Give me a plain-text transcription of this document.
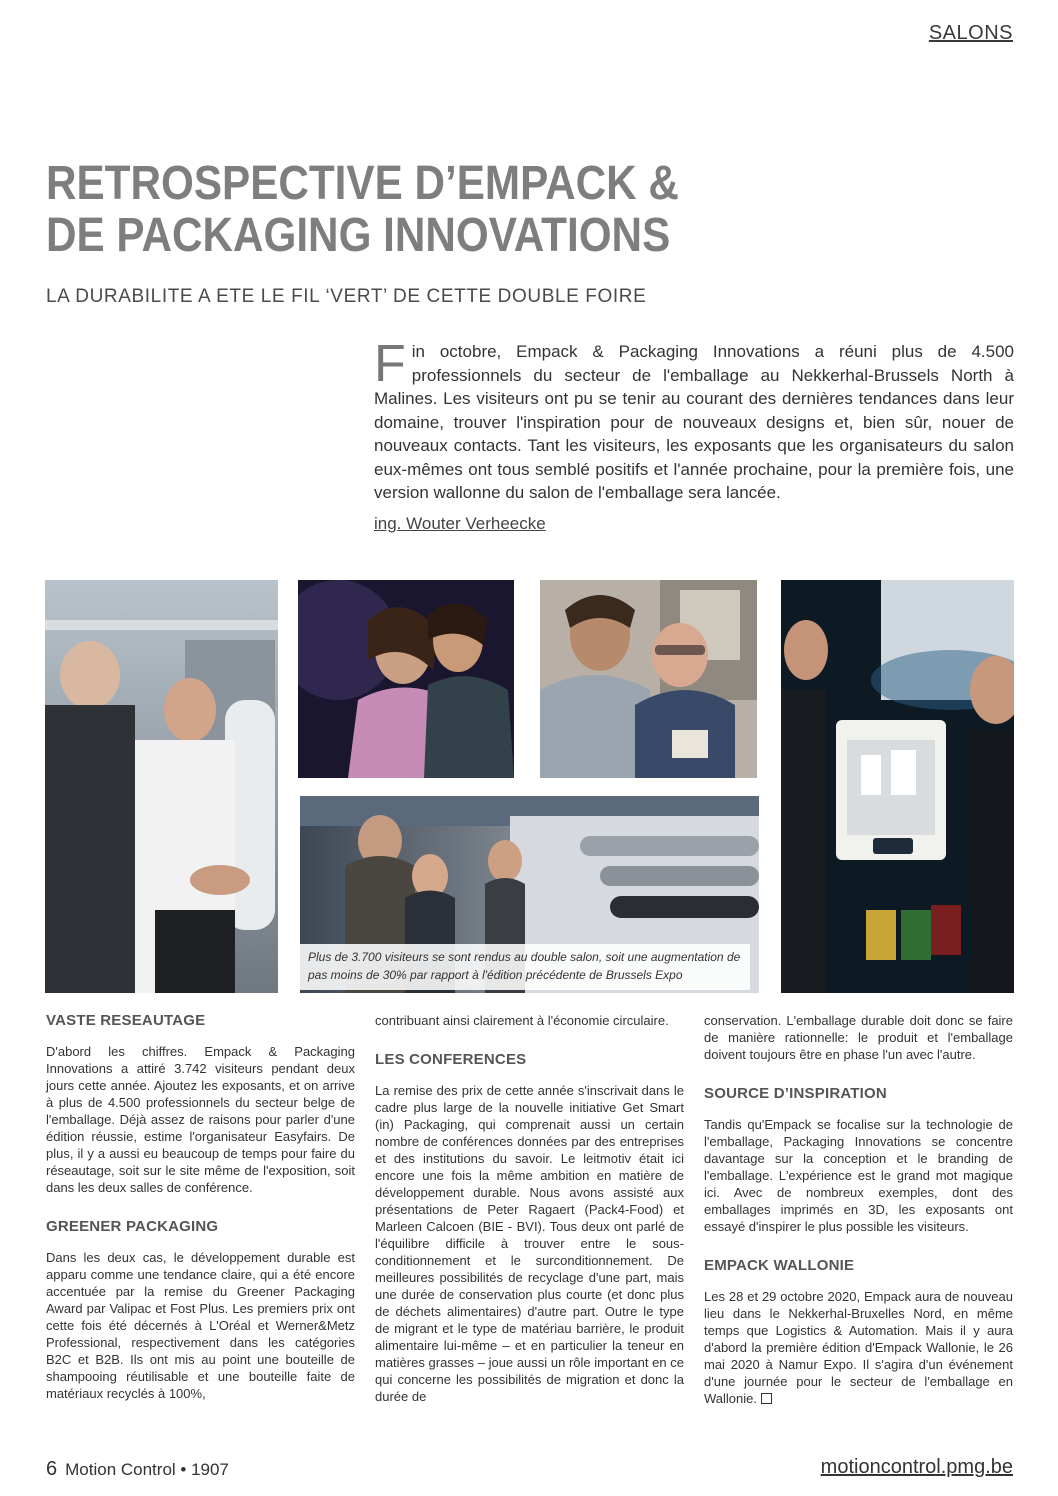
SALONS
RETROSPECTIVE D’EMPACK &
DE PACKAGING INNOVATIONS
LA DURABILITE A ETE LE FIL ‘VERT’ DE CETTE DOUBLE FOIRE
Fin octobre, Empack & Packaging Innovations a réuni plus de 4.500 professionnels du secteur de l'emballage au Nekkerhal-Brussels North à Malines. Les visiteurs ont pu se tenir au courant des dernières tendances dans leur domaine, trouver l'inspiration pour de nouveaux designs et, bien sûr, nouer de nouveaux contacts. Tant les visiteurs, les exposants que les organisateurs du salon eux-mêmes ont tous semblé positifs et l'année prochaine, pour la première fois, une version wallonne du salon de l'emballage sera lancée.
ing. Wouter Verheecke
Plus de 3.700 visiteurs se sont rendus au double salon, soit une augmentation de pas moins de 30% par rapport à l'édition précédente de Brussels Expo
VASTE RESEAUTAGE

D'abord les chiffres. Empack & Packaging Innovations a attiré 3.742 visiteurs pendant deux jours cette année. Ajoutez les exposants, et on arrive à plus de 4.500 professionnels du secteur belge de l'emballage. Déjà assez de raisons pour parler d'une édition réussie, estime l'organisateur Easyfairs. De plus, il y a aussi eu beaucoup de temps pour faire du réseautage, soit sur le site même de l'exposition, soit dans les deux salles de conférence.

GREENER PACKAGING

Dans les deux cas, le développement durable est apparu comme une tendance claire, qui a été encore accentuée par la remise du Greener Packaging Award par Valipac et Fost Plus. Les premiers prix ont cette fois été décernés à L'Oréal et Werner&Metz Professional, respectivement dans les catégories B2C et B2B. Ils ont mis au point une bouteille de shampooing réutilisable et une bouteille faite de matériaux recyclés à 100%,

contribuant ainsi clairement à l'économie circulaire.

LES CONFERENCES

La remise des prix de cette année s'inscrivait dans le cadre plus large de la nouvelle initiative Get Smart (in) Packaging, qui comprenait aussi un certain nombre de conférences données par des entreprises et des institutions du savoir. Le leitmotiv était ici encore une fois la même ambition en matière de développement durable. Nous avons assisté aux présentations de Peter Ragaert (Pack4-Food) et Marleen Calcoen (BIE - BVI). Tous deux ont parlé de l'équilibre difficile à trouver entre le sous-conditionnement et le surconditionnement. De meilleures possibilités de recyclage d'une part, mais une durée de conservation plus courte (et donc plus de déchets alimentaires) d'autre part. Outre le type de migrant et le type de matériau barrière, le produit alimentaire lui-même – et en particulier la teneur en matières grasses – joue aussi un rôle important en ce qui concerne les possibilités de migration et donc la durée de

conservation. L'emballage durable doit donc se faire de manière rationnelle: le produit et l'emballage doivent toujours être en phase l'un avec l'autre.

SOURCE D’INSPIRATION

Tandis qu'Empack se focalise sur la technologie de l'emballage, Packaging Innovations se concentre davantage sur la conception et le branding de l'emballage. L'expérience est le grand mot magique ici. Avec de nombreux exemples, dont des emballages imprimés en 3D, les exposants ont essayé d'inspirer le plus possible les visiteurs.

EMPACK WALLONIE

Les 28 et 29 octobre 2020, Empack aura de nouveau lieu dans le Nekkerhal-Bruxelles Nord, en même temps que Logistics & Automation. Mais il y aura d'abord la première édition d'Empack Wallonie, le 26 mai 2020 à Namur Expo. Il s'agira d'un événement d'une journée pour le secteur de l'emballage en Wallonie.

6 Motion Control • 1907	motioncontrol.pmg.be
